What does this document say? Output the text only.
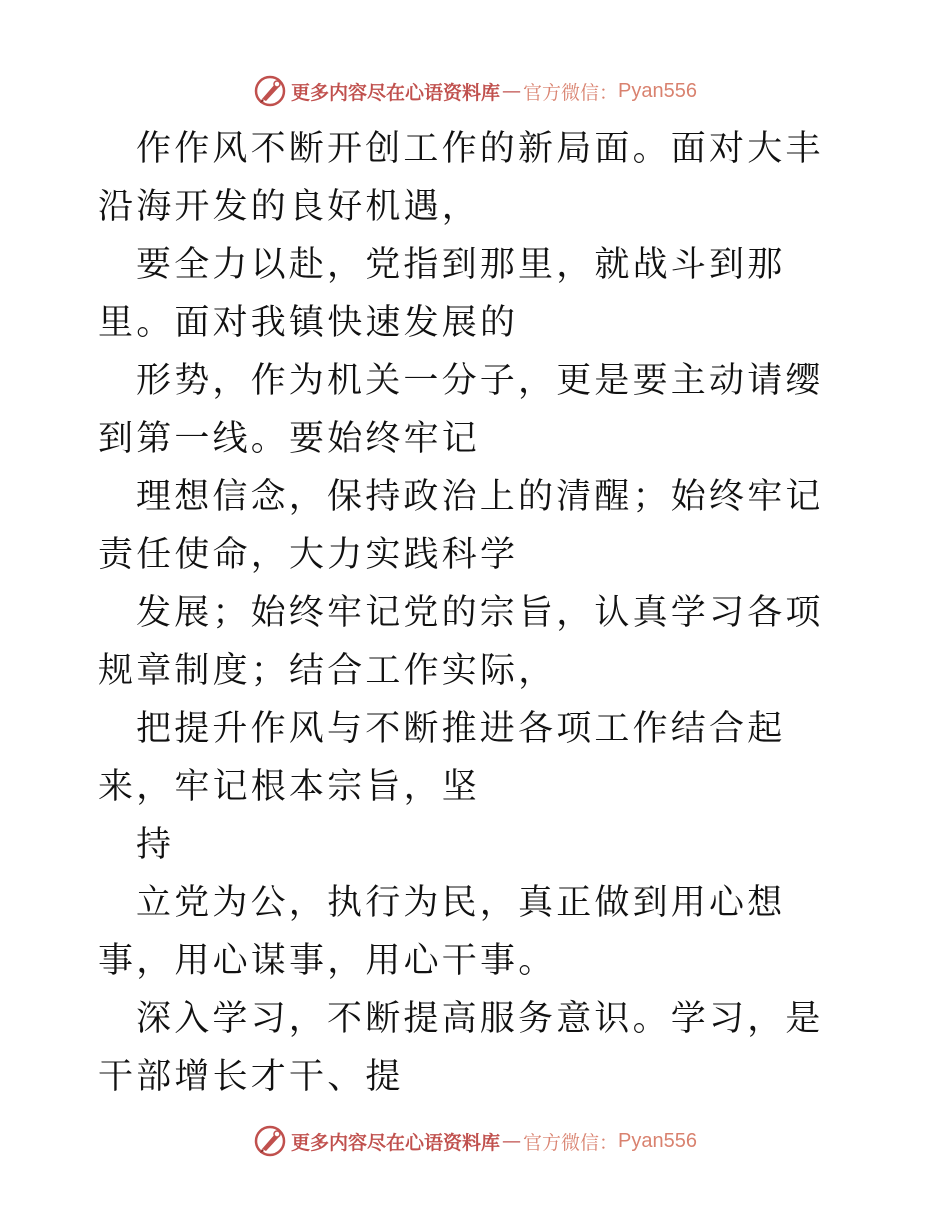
更多内容尽在心语资料库 — 官方微信： Pyan556

作作风不断开创工作的新局面。面对大丰沿海开发的良好机遇，

要全力以赴，党指到那里，就战斗到那里。面对我镇快速发展的

形势，作为机关一分子，更是要主动请缨到第一线。要始终牢记

理想信念，保持政治上的清醒；始终牢记责任使命，大力实践科学

发展；始终牢记党的宗旨，认真学习各项规章制度；结合工作实际，

把提升作风与不断推进各项工作结合起来，牢记根本宗旨，坚

持

立党为公，执行为民，真正做到用心想事，用心谋事，用心干事。

深入学习，不断提高服务意识。学习，是干部增长才干、提

更多内容尽在心语资料库 — 官方微信： Pyan556
